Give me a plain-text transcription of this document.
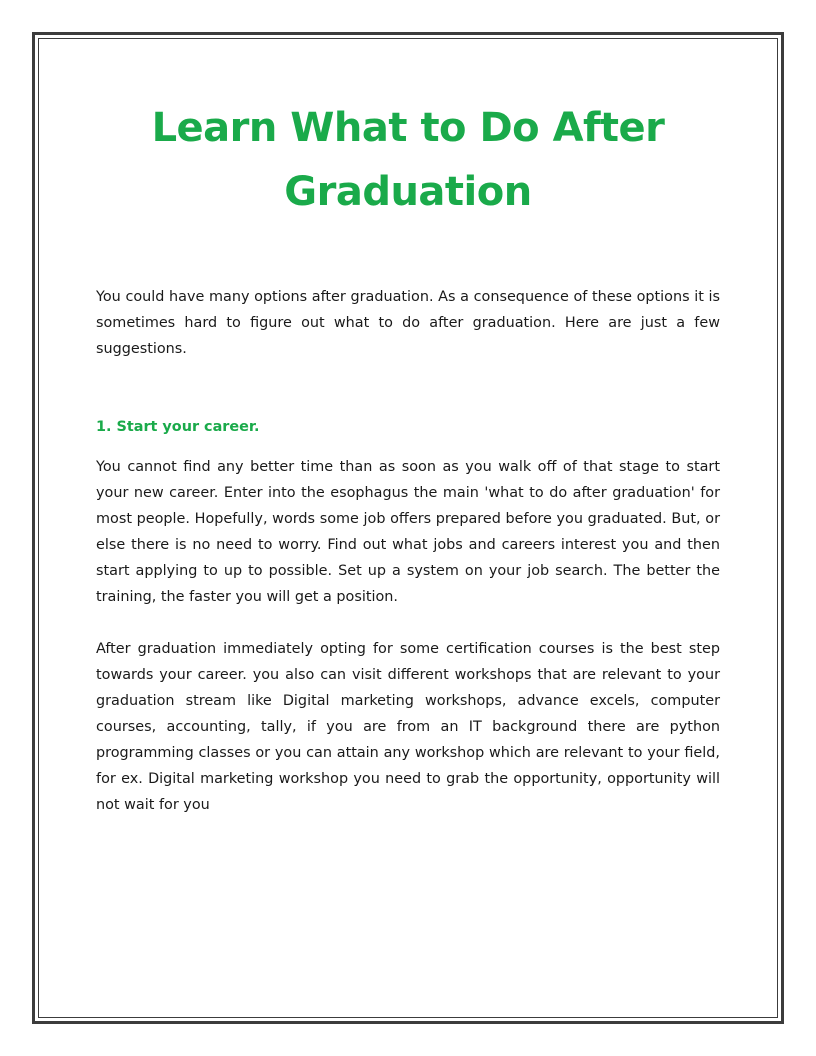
Learn What to Do After Graduation

You could have many options after graduation. As a consequence of these options it is sometimes hard to figure out what to do after graduation. Here are just a few suggestions.

1. Start your career.

You cannot find any better time than as soon as you walk off of that stage to start your new career. Enter into the esophagus the main 'what to do after graduation' for most people. Hopefully, words some job offers prepared before you graduated. But, or else there is no need to worry. Find out what jobs and careers interest you and then start applying to up to possible. Set up a system on your job search. The better the training, the faster you will get a position.

After graduation immediately opting for some certification courses is the best step towards your career. you also can visit different workshops that are relevant to your graduation stream like Digital marketing workshops, advance excels, computer courses, accounting, tally, if you are from an IT background there are python programming classes or you can attain any workshop which are relevant to your field, for ex. Digital marketing workshop you need to grab the opportunity, opportunity will not wait for you
